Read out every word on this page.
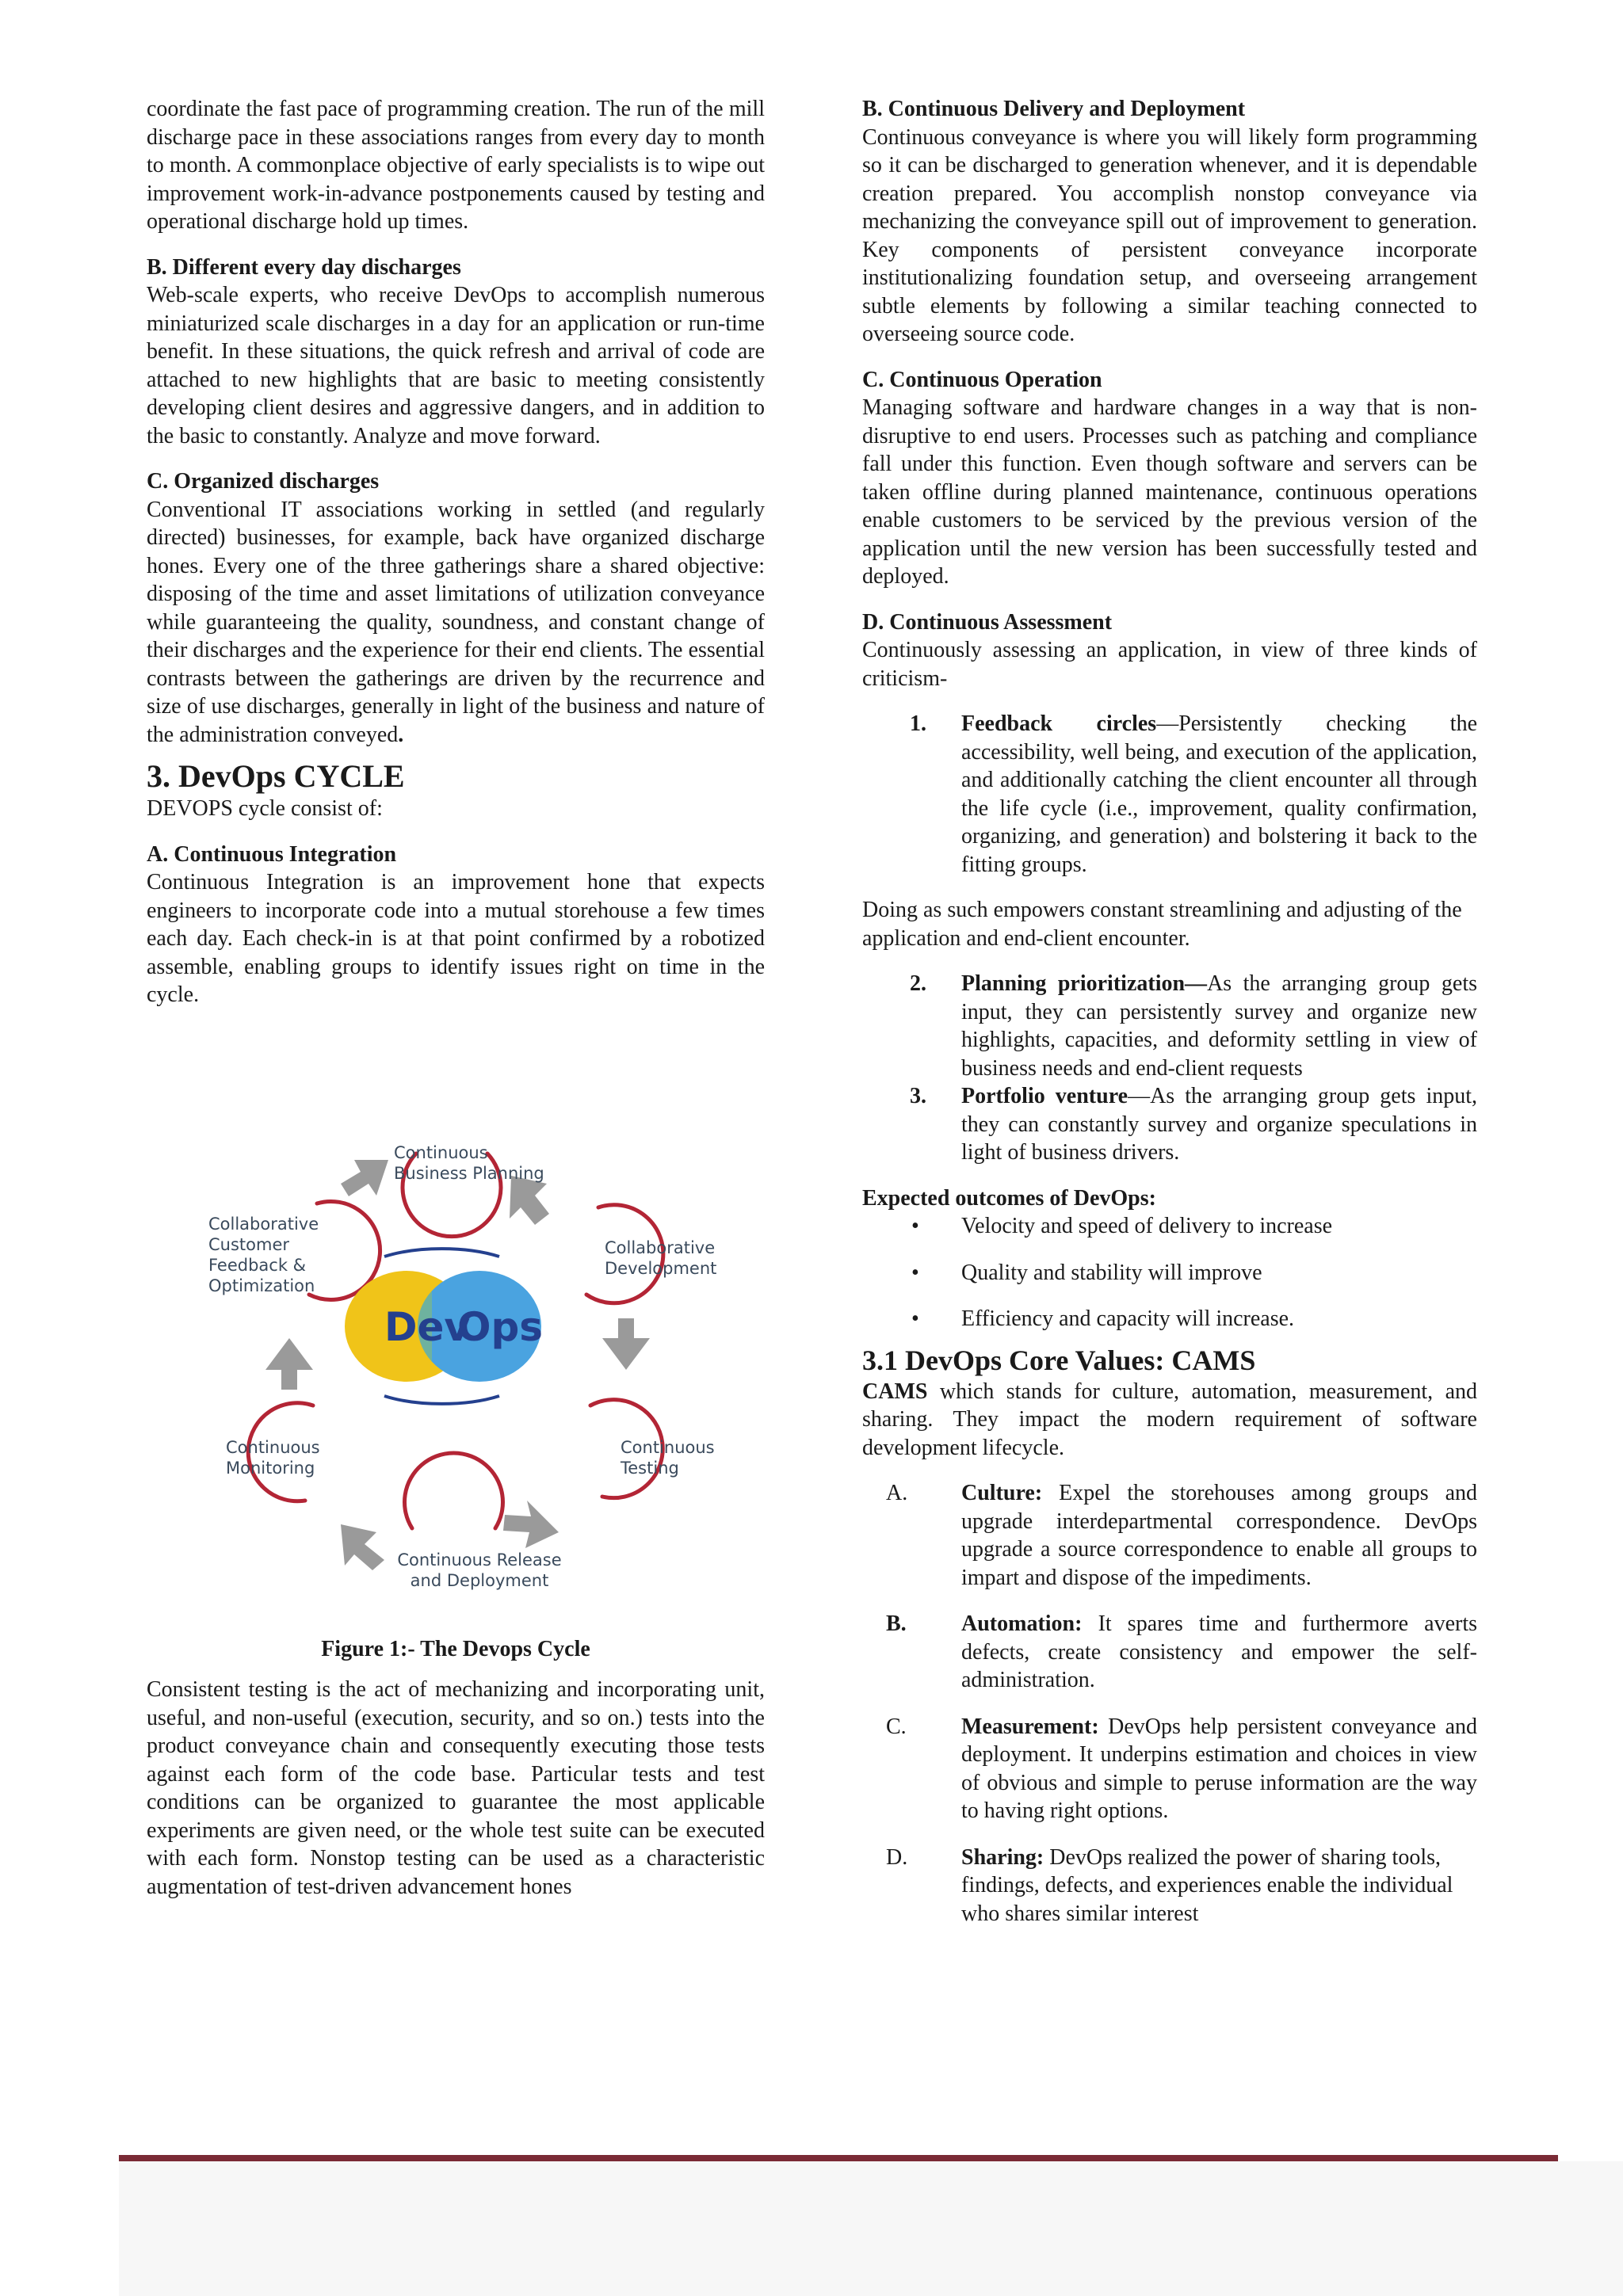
coordinate the fast pace of programming creation. The run of the mill discharge pace in these associations ranges from every day to month to month. A commonplace objective of early specialists is to wipe out improvement work-in-advance postponements caused by testing and operational discharge hold up times.

B. Different every day discharges

Web-scale experts, who receive DevOps to accomplish numerous miniaturized scale discharges in a day for an application or run-time benefit. In these situations, the quick refresh and arrival of code are attached to new highlights that are basic to meeting consistently developing client desires and aggressive dangers, and in addition to the basic to constantly. Analyze and move forward.

C. Organized discharges

Conventional IT associations working in settled (and regularly directed) businesses, for example, back have organized discharge hones. Every one of the three gatherings share a shared objective: disposing of the time and asset limitations of utilization conveyance while guaranteeing the quality, soundness, and constant change of their discharges and the experience for their end clients. The essential contrasts between the gatherings are driven by the recurrence and size of use discharges, generally in light of the business and nature of the administration conveyed.

3. DevOps CYCLE

DEVOPS cycle consist of:

A. Continuous Integration

Continuous Integration is an improvement hone that expects engineers to incorporate code into a mutual storehouse a few times each day. Each check-in is at that point confirmed by a robotized assemble, enabling groups to identify issues right on time in the cycle.

Dev
Ops
Continuous Business Planning
Collaborative Development
Continuous Testing
Continuous Release and Deployment
Continuous Monitoring
Collaborative Customer Feedback & Optimization
Figure 1:- The Devops Cycle

Consistent testing is the act of mechanizing and incorporating unit, useful, and non-useful (execution, security, and so on.) tests into the product conveyance chain and consequently executing those tests against each form of the code base. Particular tests and test conditions can be organized to guarantee the most applicable experiments are given need, or the whole test suite can be executed with each form. Nonstop testing can be used as a characteristic augmentation of test-driven advancement hones

B. Continuous Delivery and Deployment

Continuous conveyance is where you will likely form programming so it can be discharged to generation whenever, and it is dependable creation prepared. You accomplish nonstop conveyance via mechanizing the conveyance spill out of improvement to generation. Key components of persistent conveyance incorporate institutionalizing foundation setup, and overseeing arrangement subtle elements by following a similar teaching connected to overseeing source code.

C. Continuous Operation

Managing software and hardware changes in a way that is non-disruptive to end users. Processes such as patching and compliance fall under this function. Even though software and servers can be taken offline during planned maintenance, continuous operations enable customers to be serviced by the previous version of the application until the new version has been successfully tested and deployed.

D. Continuous Assessment

Continuously assessing an application, in view of three kinds of criticism-

1. Feedback circles—Persistently checking the accessibility, well being, and execution of the application, and additionally catching the client encounter all through the life cycle (i.e., improvement, quality confirmation, organizing, and generation) and bolstering it back to the fitting groups.

Doing as such empowers constant streamlining and adjusting of the application and end-client encounter.

2. Planning prioritization—As the arranging group gets input, they can persistently survey and organize new highlights, capacities, and deformity settling in view of business needs and end-client requests
3. Portfolio venture—As the arranging group gets input, they can constantly survey and organize speculations in light of business drivers.
Expected outcomes of DevOps:
• Velocity and speed of delivery to increase
• Quality and stability will improve
• Efficiency and capacity will increase.
3.1 DevOps Core Values: CAMS

CAMS which stands for culture, automation, measurement, and sharing. They impact the modern requirement of software development lifecycle.

A. Culture: Expel the storehouses among groups and upgrade interdepartmental correspondence. DevOps upgrade a source correspondence to enable all groups to impart and dispose of the impediments.
B. Automation: It spares time and furthermore averts defects, create consistency and empower the self-administration.
C. Measurement: DevOps help persistent conveyance and deployment. It underpins estimation and choices in view of obvious and simple to peruse information are the way to having right options.
D. Sharing: DevOps realized the power of sharing tools, findings, defects, and experiences enable the individual who shares similar interest
